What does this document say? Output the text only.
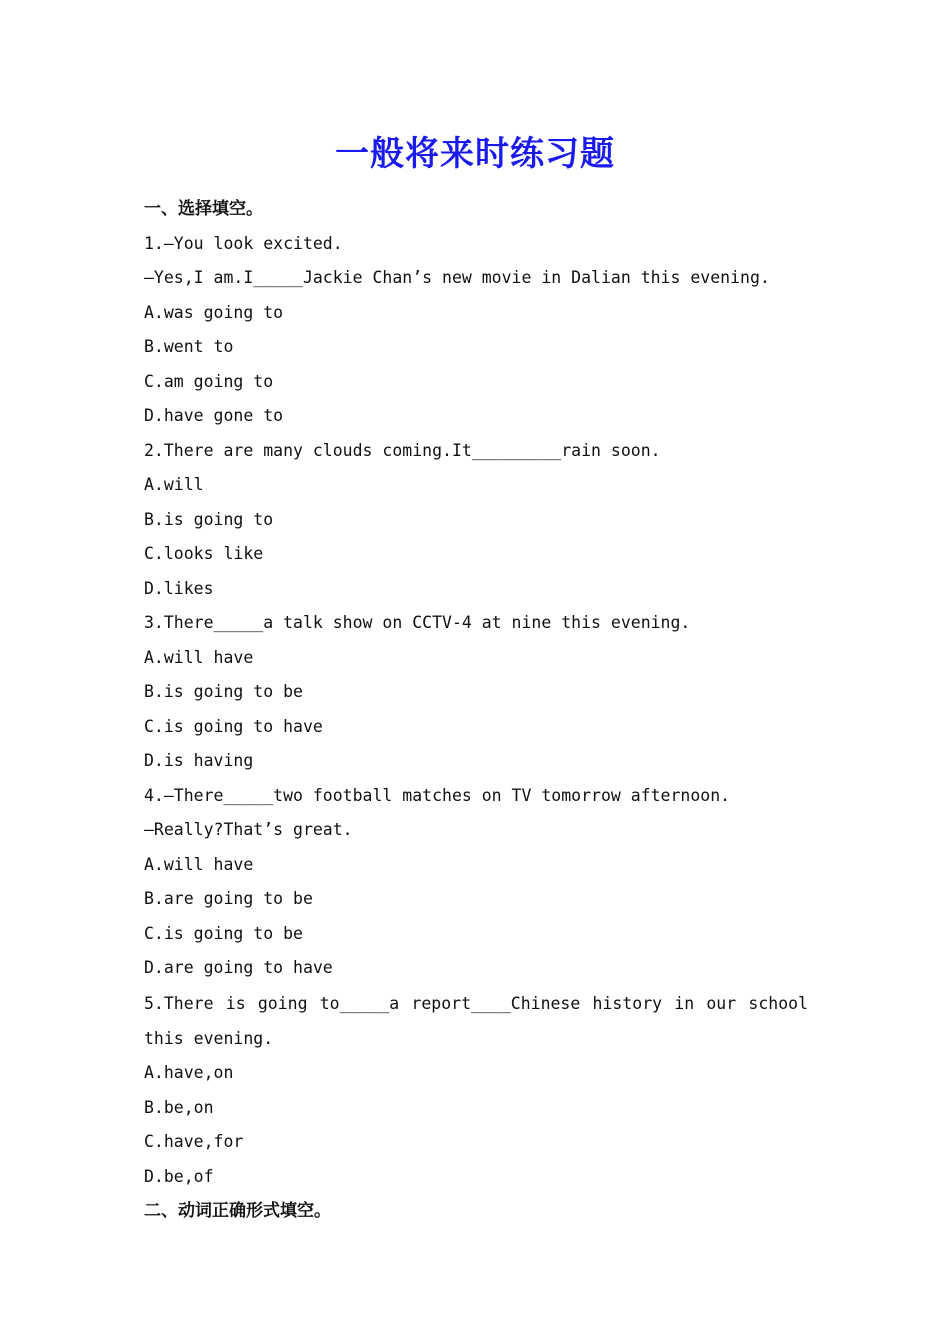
一般将来时练习题
一、选择填空。
1.—You look excited.
—Yes,I am.I_____Jackie Chan’s new movie in Dalian this evening.
A.was going to
B.went to
C.am going to
D.have gone to
2.There are many clouds coming.It_________rain soon.
A.will
B.is going to
C.looks like
D.likes
3.There_____a talk show on CCTV-4 at nine this evening.
A.will have
B.is going to be
C.is going to have
D.is having
4.—There_____two football matches on TV tomorrow afternoon.
—Really?That’s great.
A.will have
B.are going to be
C.is going to be
D.are going to have
5.There is going to_____a report____Chinese history in our school
this evening.
A.have,on
B.be,on
C.have,for
D.be,of
二、动词正确形式填空。
